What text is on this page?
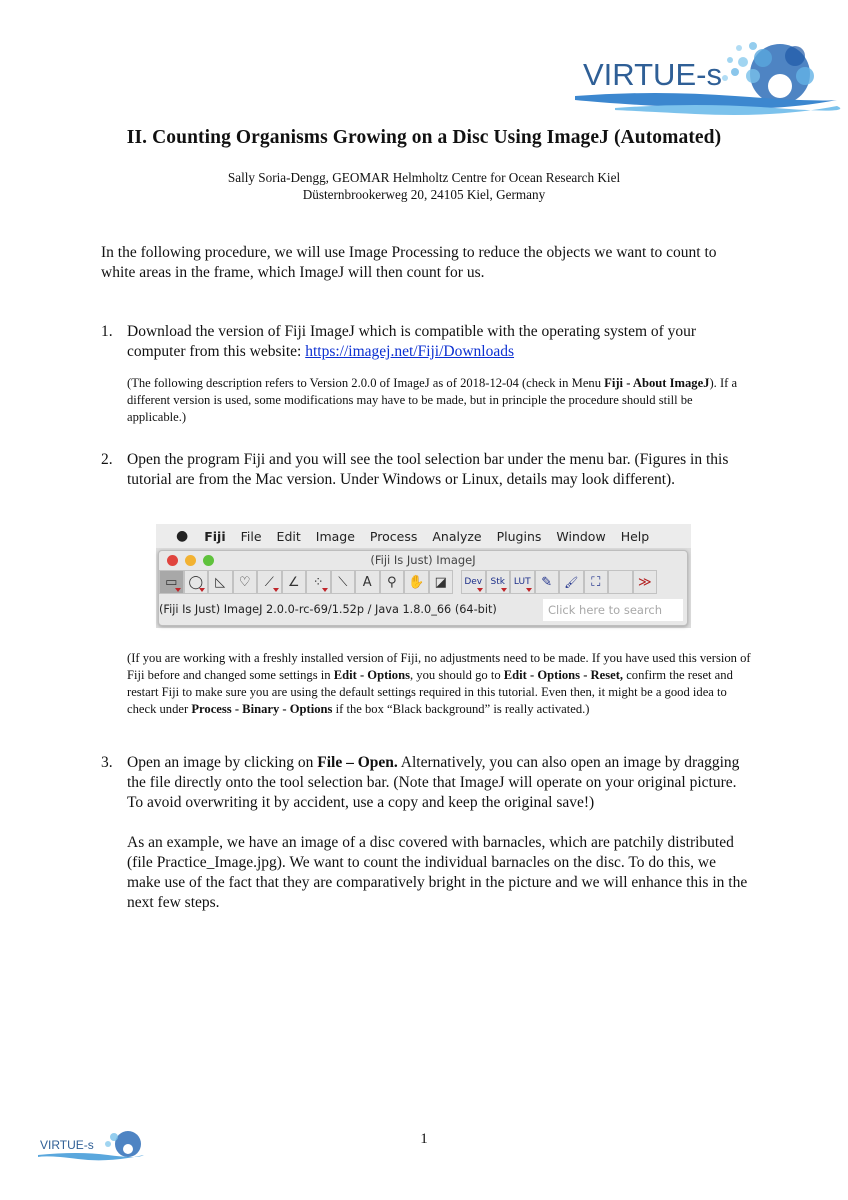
VIRTUE-s
II. Counting Organisms Growing on a Disc Using ImageJ (Automated)
Sally Soria-Dengg, GEOMAR Helmholtz Centre for Ocean Research Kiel
Düsternbrookerweg 20, 24105 Kiel, Germany
In the following procedure, we will use Image Processing to reduce the objects we want to count to white areas in the frame, which ImageJ will then count for us.
1. Download the version of Fiji ImageJ which is compatible with the operating system of your computer from this website: https://imagej.net/Fiji/Downloads
(The following description refers to Version 2.0.0 of ImageJ as of 2018-12-04 (check in Menu Fiji - About ImageJ). If a different version is used, some modifications may have to be made, but in principle the procedure should still be applicable.)
2. Open the program Fiji and you will see the tool selection bar under the menu bar. (Figures in this tutorial are from the Mac version. Under Windows or Linux, details may look different).
● Fiji File Edit Image Process Analyze Plugins Window Help
(Fiji Is Just) ImageJ
▭ ◯ ◺ ♡ ⟋ ∠ ⁘ ⟍ A ⚲ ✋ ◪ Dev Stk LUT ✎ 🖌 ⛶	≫
(Fiji Is Just) ImageJ 2.0.0-rc-69/1.52p / Java 1.8.0_66 (64-bit)	Click here to search
(If you are working with a freshly installed version of Fiji, no adjustments need to be made. If you have used this version of Fiji before and changed some settings in Edit - Options, you should go to Edit - Options - Reset, confirm the reset and restart Fiji to make sure you are using the default settings required in this tutorial. Even then, it might be a good idea to check under Process - Binary - Options if the box “Black background” is really activated.)
3. Open an image by clicking on File – Open. Alternatively, you can also open an image by dragging the file directly onto the tool selection bar. (Note that ImageJ will operate on your original picture. To avoid overwriting it by accident, use a copy and keep the original save!)
As an example, we have an image of a disc covered with barnacles, which are patchily distributed (file Practice_Image.jpg). We want to count the individual barnacles on the disc. To do this, we make use of the fact that they are comparatively bright in the picture and we will enhance this in the next few steps.
VIRTUE-s	1
